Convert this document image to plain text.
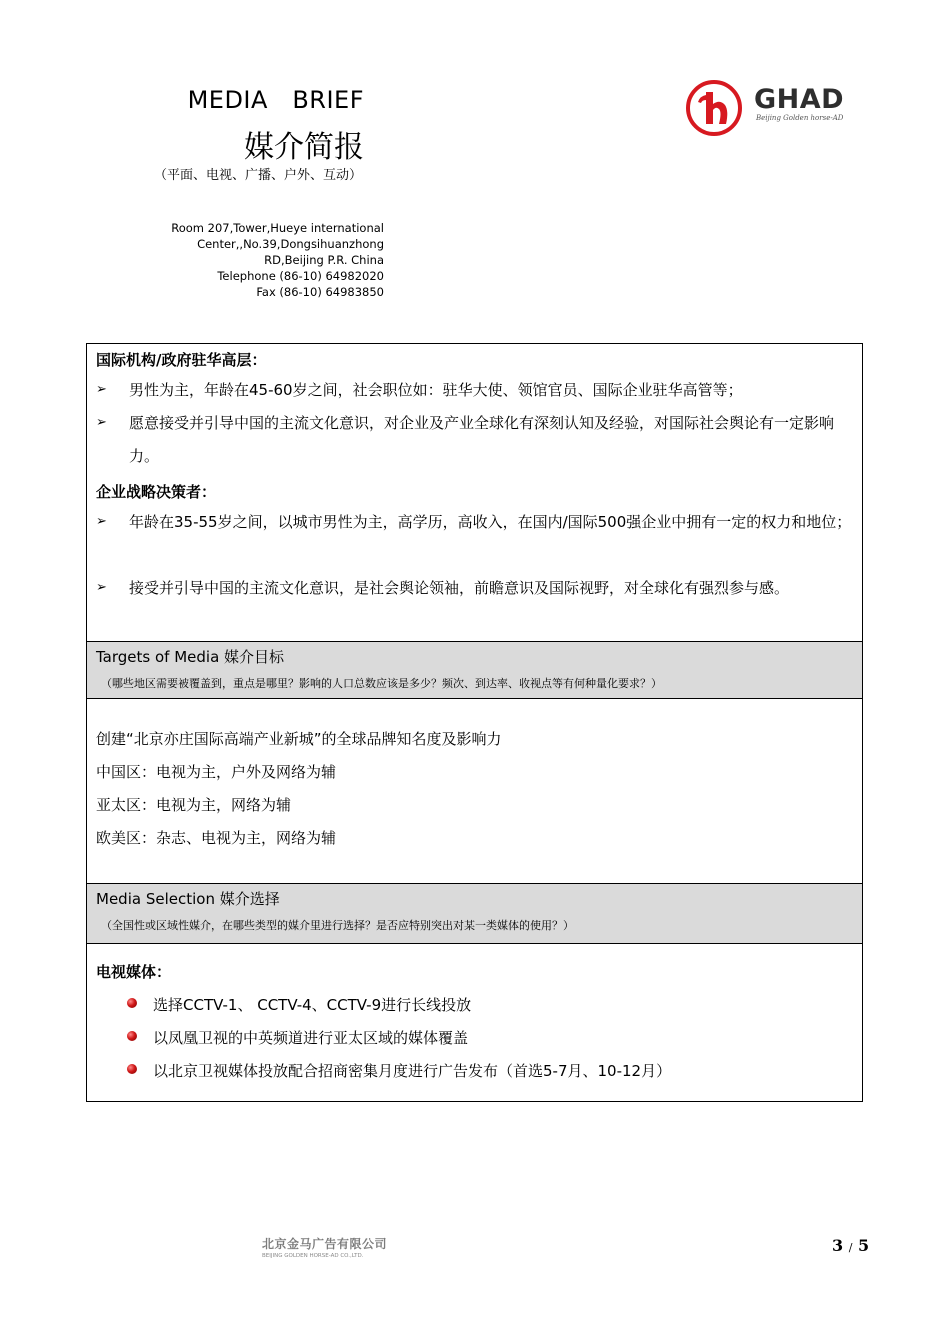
MEDIA   BRIEF
媒介简报
（平面、电视、广播、户外、互动）
Room 207,Tower,Hueye international
Center,,No.39,Dongsihuanzhong
RD,Beijing P.R. China
Telephone (86-10) 64982020
Fax (86-10) 64983850
GHAD
Beijing Golden horse-AD
国际机构/政府驻华高层：
➢ 男性为主，年龄在45-60岁之间，社会职位如：驻华大使、领馆官员、国际企业驻华高管等；
➢ 愿意接受并引导中国的主流文化意识，对企业及产业全球化有深刻认知及经验，对国际社会舆论有一定影响力。
企业战略决策者：
➢ 年龄在35-55岁之间，以城市男性为主，高学历，高收入，在国内/国际500强企业中拥有一定的权力和地位；
➢ 接受并引导中国的主流文化意识，是社会舆论领袖，前瞻意识及国际视野，对全球化有强烈参与感。
Targets of Media 媒介目标
（哪些地区需要被覆盖到，重点是哪里？影响的人口总数应该是多少？频次、到达率、收视点等有何种量化要求？）
创建“北京亦庄国际高端产业新城”的全球品牌知名度及影响力
中国区：电视为主，户外及网络为辅
亚太区：电视为主，网络为辅
欧美区：杂志、电视为主，网络为辅
Media Selection 媒介选择
（全国性或区域性媒介，在哪些类型的媒介里进行选择？是否应特别突出对某一类媒体的使用？）
电视媒体：
选择CCTV-1、 CCTV-4、CCTV-9进行长线投放
以凤凰卫视的中英频道进行亚太区域的媒体覆盖
以北京卫视媒体投放配合招商密集月度进行广告发布（首选5-7月、10-12月）
北京金马广告有限公司
BEIJING GOLDEN HORSE-AD CO.,LTD.
3 / 5
